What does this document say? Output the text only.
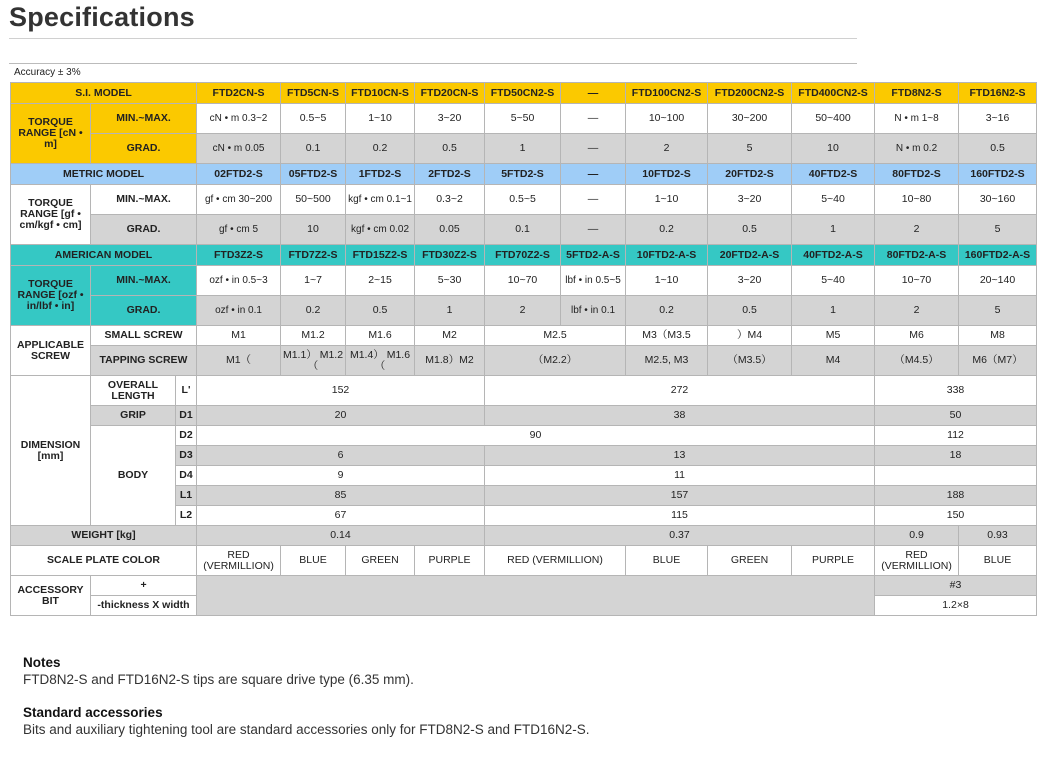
Specifications
Accuracy ± 3%
S.I. MODEL			FTD2CN-S	FTD5CN-S	FTD10CN-S	FTD20CN-S	FTD50CN2-S	—	FTD100CN2-S	FTD200CN2-S	FTD400CN2-S	FTD8N2-S	FTD16N2-S
TORQUE RANGE [cN • m]	MIN.~MAX.		cN • m 0.3~2	0.5~5	1~10	3~20	5~50	—	10~100	30~200	50~400	N • m 1~8	3~16
	GRAD.		cN • m 0.05	0.1	0.2	0.5	1	—	2	5	10	N • m 0.2	0.5
METRIC MODEL			02FTD2-S	05FTD2-S	1FTD2-S	2FTD2-S	5FTD2-S	—	10FTD2-S	20FTD2-S	40FTD2-S	80FTD2-S	160FTD2-S
TORQUE RANGE [gf • cm/kgf • cm]	MIN.~MAX.		gf • cm 30~200	50~500	kgf • cm 0.1~1	0.3~2	0.5~5	—	1~10	3~20	5~40	10~80	30~160
	GRAD.		gf • cm 5	10	kgf • cm 0.02	0.05	0.1	—	0.2	0.5	1	2	5
AMERICAN MODEL			FTD3Z2-S	FTD7Z2-S	FTD15Z2-S	FTD30Z2-S	FTD70Z2-S	5FTD2-A-S	10FTD2-A-S	20FTD2-A-S	40FTD2-A-S	80FTD2-A-S	160FTD2-A-S
TORQUE RANGE [ozf • in/lbf • in]	MIN.~MAX.		ozf • in 0.5~3	1~7	2~15	5~30	10~70	lbf • in 0.5~5	1~10	3~20	5~40	10~70	20~140
	GRAD.		ozf • in 0.1	0.2	0.5	1	2	lbf • in 0.1	0.2	0.5	1	2	5
APPLICABLE SCREW	SMALL SCREW		M1	M1.2	M1.6	M2	M2.5		M3（M3.5	）M4	M5	M6	M8
	TAPPING SCREW		M1（	M1.1） M1.2（	M1.4） M1.6（	M1.8）M2	（M2.2）		M2.5, M3	（M3.5）	M4	（M4.5）	M6（M7）
DIMENSION [mm]	OVERALL LENGTH	L'	152				272					338	
	GRIP	D1	20				38					50	
	BODY	D2	90									112	
		D3	6				13					18	
		D4	9				11						
		L1	85				157					188	
		L2	67				115					150	
WEIGHT [kg]			0.14				0.37					0.9	0.93
SCALE PLATE COLOR			RED (VERMILLION)	BLUE	GREEN	PURPLE	RED (VERMILLION)		BLUE	GREEN	PURPLE	RED (VERMILLION)	BLUE
ACCESSORY BIT	+											#3	
	-thickness X width											1.2×8	

Notes

FTD8N2-S and FTD16N2-S tips are square drive type (6.35 mm).

Standard accessories

Bits and auxiliary tightening tool are standard accessories only for FTD8N2-S and FTD16N2-S.
